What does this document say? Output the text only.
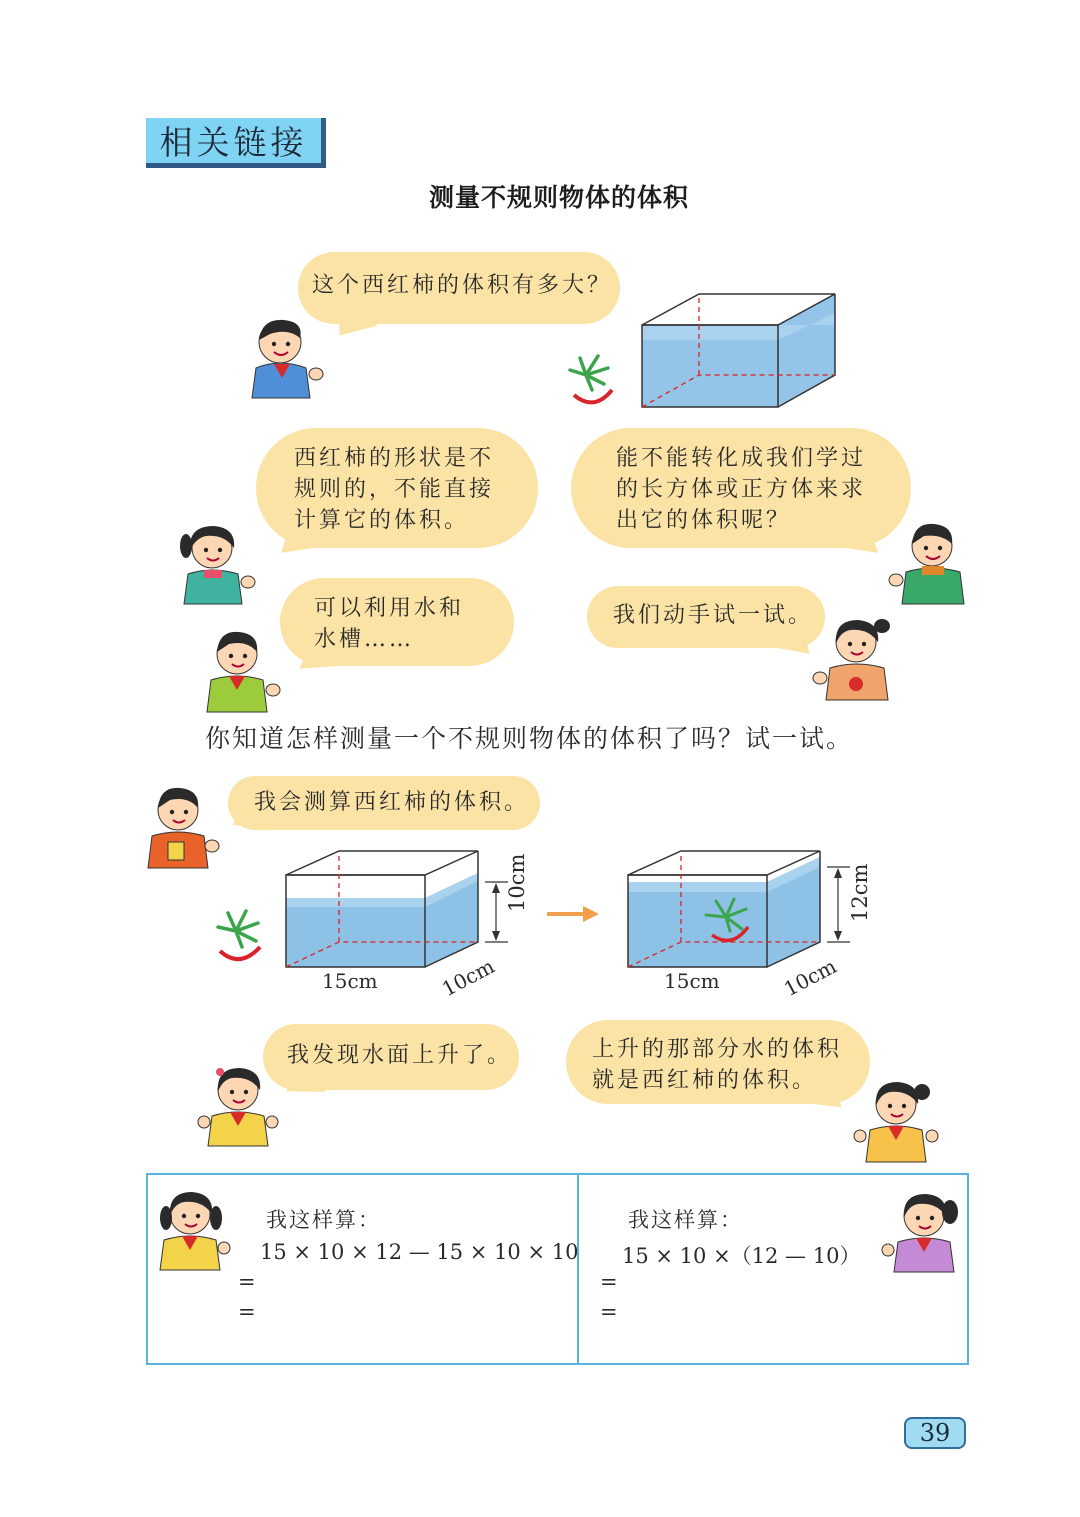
相关链接
测量不规则物体的体积
这个西红柿的体积有多大？
西红柿的形状是不
规则的，不能直接
计算它的体积。
能不能转化成我们学过
的长方体或正方体来求
出它的体积呢？
可以利用水和
水槽……
我们动手试一试。
你知道怎样测量一个不规则物体的体积了吗？试一试。
我会测算西红柿的体积。
10cm
15cm	10cm
12cm
15cm	10cm
我发现水面上升了。	上升的那部分水的体积
就是西红柿的体积。
我这样算：
15 × 10 × 12 — 15 × 10 × 10
=
=
我这样算：
15 × 10 ×（12 — 10）
=
=
39
